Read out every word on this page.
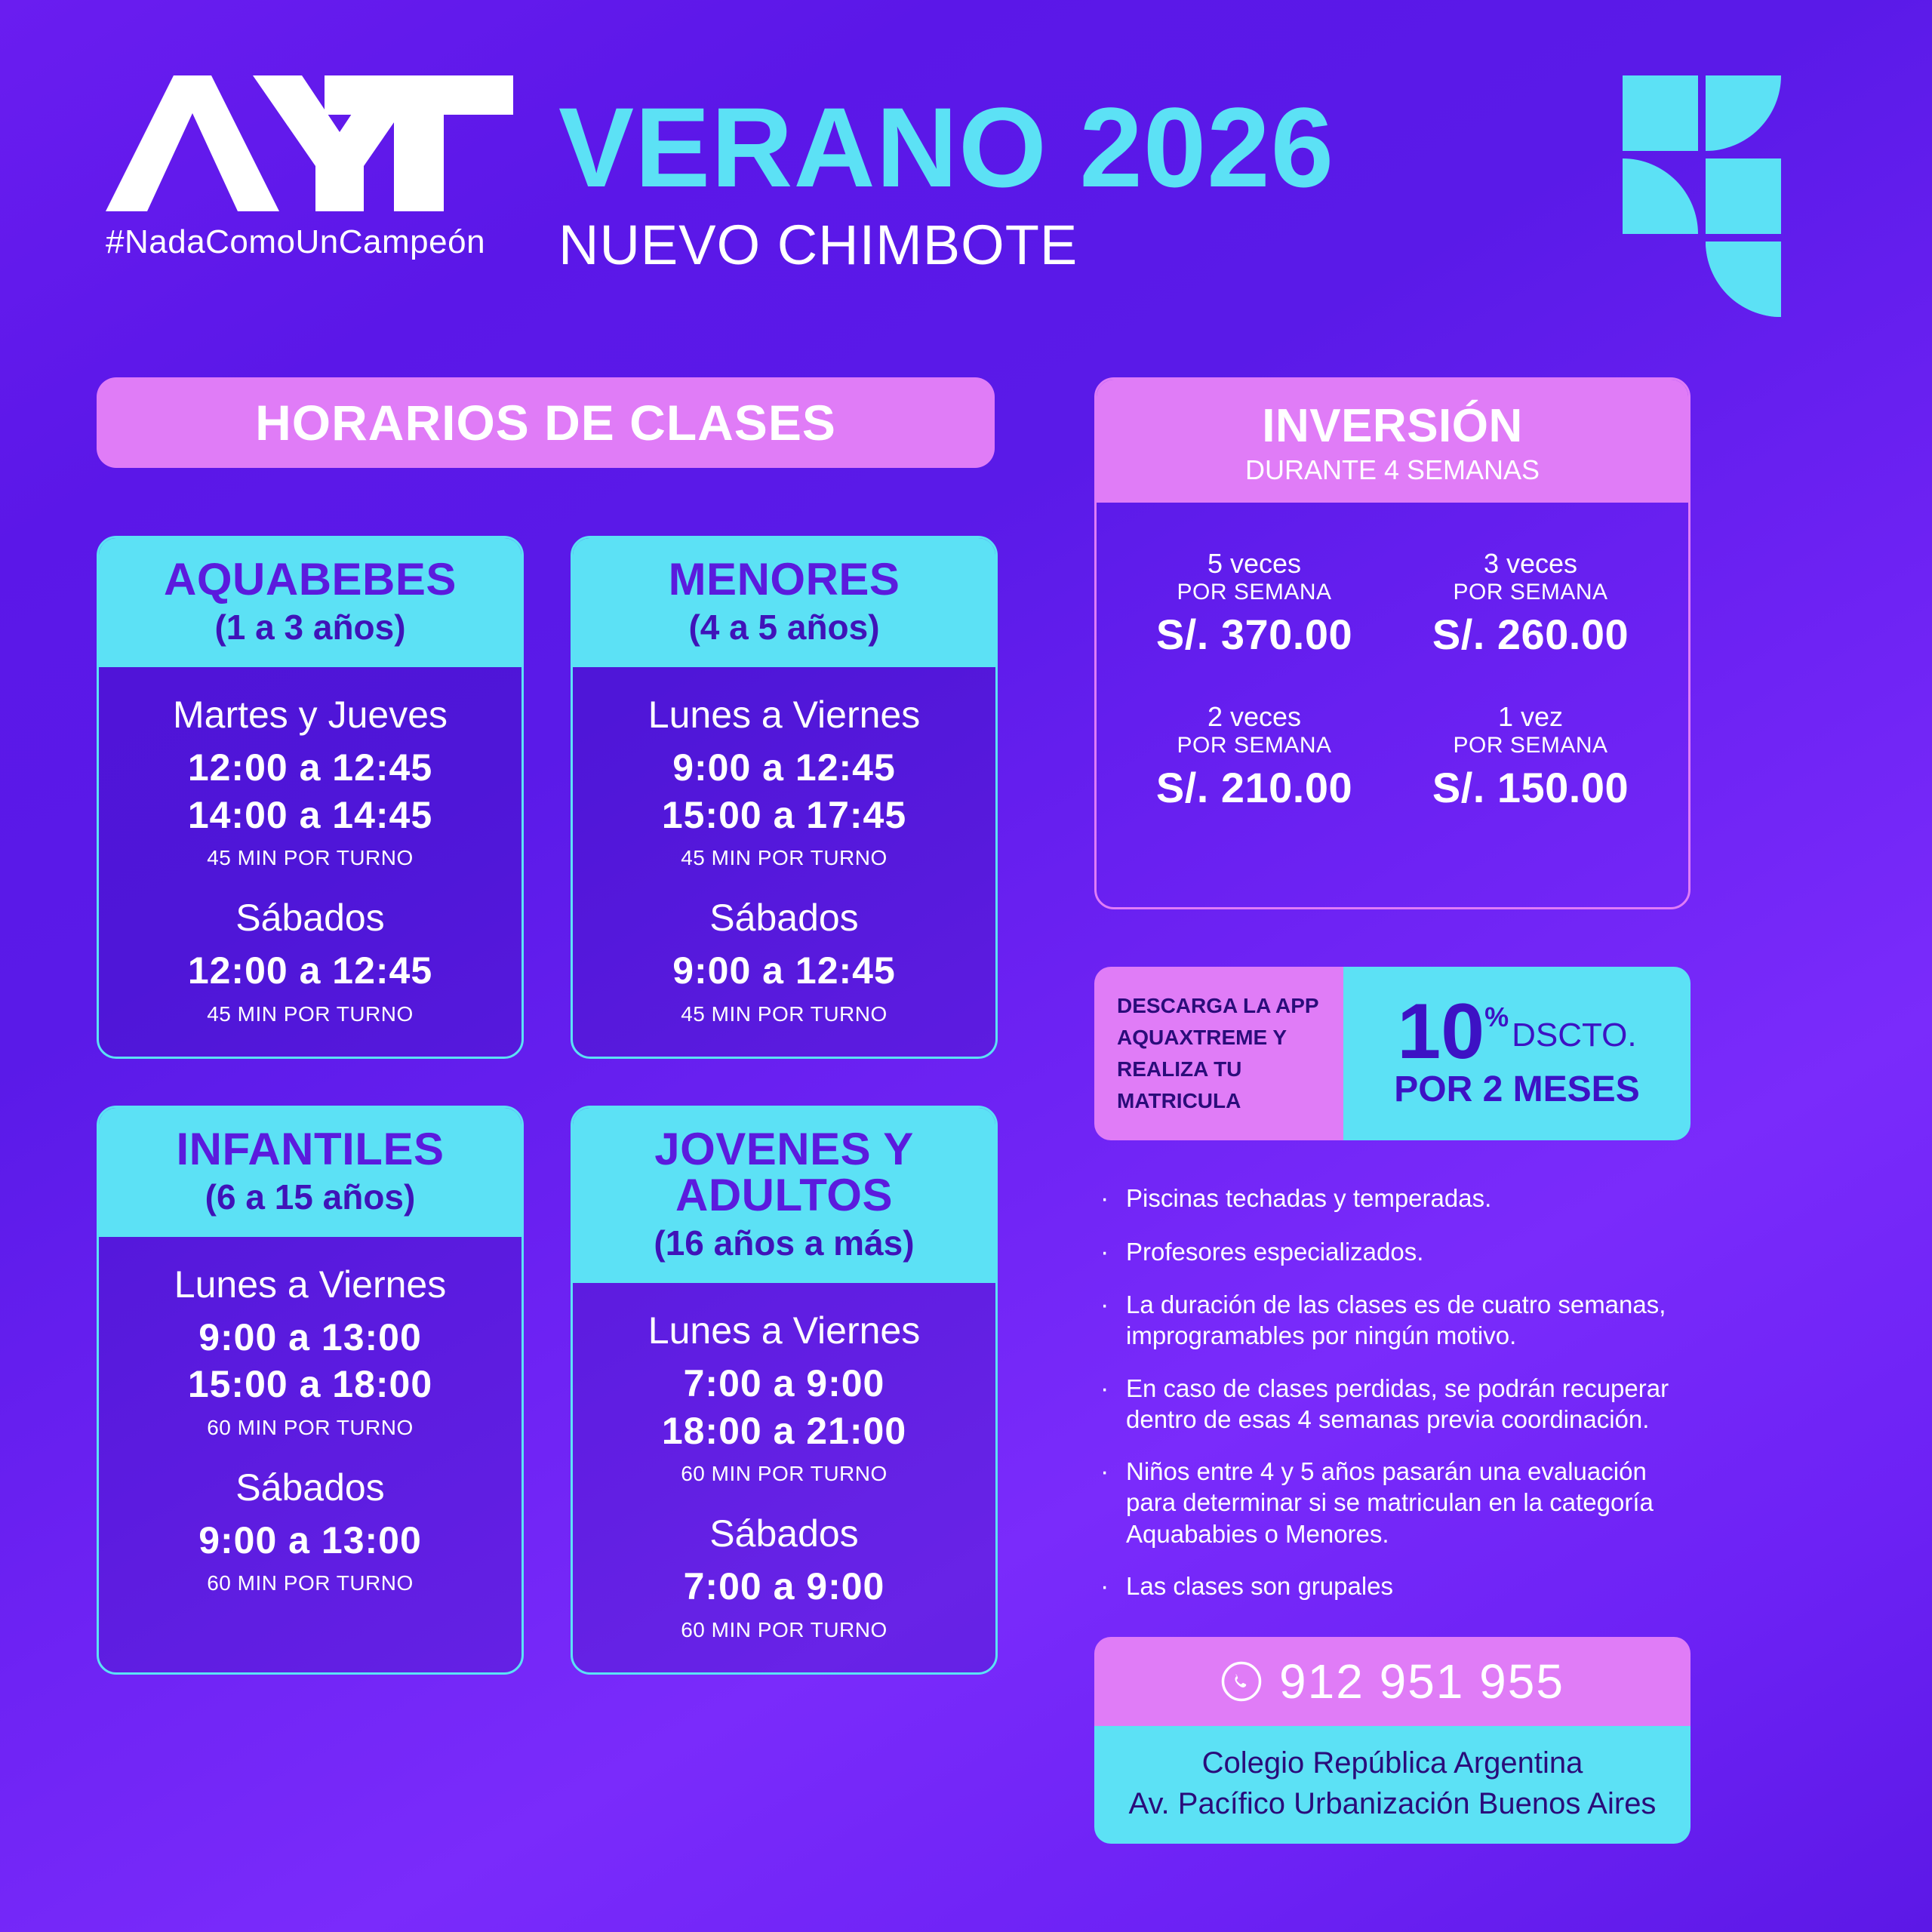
#NadaComoUnCampeón
VERANO 2026
NUEVO CHIMBOTE
HORARIOS DE CLASES
AQUABEBES
(1 a 3 años)
Martes y Jueves
12:00 a 12:45
14:00 a 14:45
45 MIN POR TURNO
Sábados
12:00 a 12:45
45 MIN POR TURNO
MENORES
(4 a 5 años)
Lunes a Viernes
9:00 a 12:45
15:00 a 17:45
45 MIN POR TURNO
Sábados
9:00 a 12:45
45 MIN POR TURNO
INFANTILES
(6 a 15 años)
Lunes a Viernes
9:00 a 13:00
15:00 a 18:00
60 MIN POR TURNO
Sábados
9:00 a 13:00
60 MIN POR TURNO
JOVENES Y ADULTOS
(16 años a más)
Lunes a Viernes
7:00 a 9:00
18:00 a 21:00
60 MIN POR TURNO
Sábados
7:00 a 9:00
60 MIN POR TURNO
INVERSIÓN
DURANTE 4 SEMANAS
5 veces
POR SEMANA
S/. 370.00
3 veces
POR SEMANA
S/. 260.00
2 veces
POR SEMANA
S/. 210.00
1 vez
POR SEMANA
S/. 150.00
DESCARGA LA APP
AQUAXTREME Y
REALIZA TU MATRICULA
10 % DSCTO.
POR 2 MESES
· Piscinas techadas y temperadas.
· Profesores especializados.
· La duración de las clases es de cuatro semanas, improgramables por ningún motivo.
· En caso de clases perdidas, se podrán recuperar dentro de esas 4 semanas previa coordinación.
· Niños entre 4 y 5 años pasarán una evaluación para determinar si se matriculan en la categoría Aquababies o Menores.
· Las clases son grupales
912 951 955
Colegio República Argentina
Av. Pacífico Urbanización Buenos Aires
